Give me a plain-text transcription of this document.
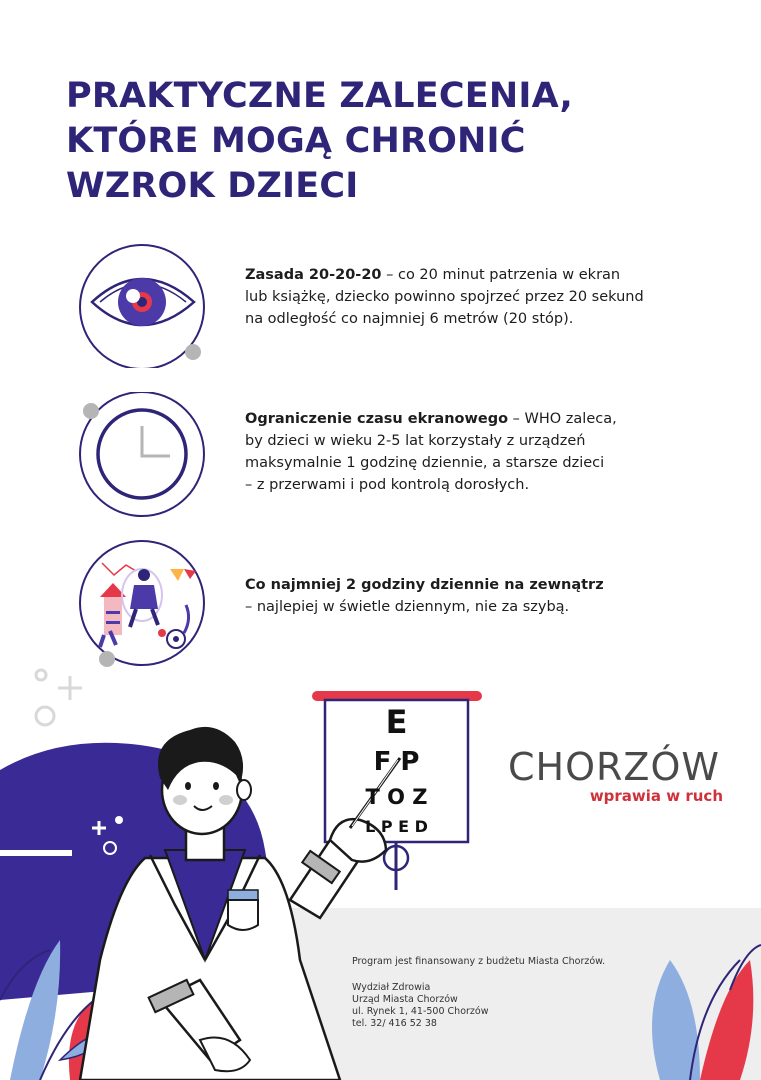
PRAKTYCZNE ZALECENIA,
KTÓRE MOGĄ CHRONIĆ
WZROK DZIECI
Zasada 20-20-20 – co 20 minut patrzenia w ekran
lub książkę, dziecko powinno spojrzeć przez 20 sekund
na odległość co najmniej 6 metrów (20 stóp).
Ograniczenie czasu ekranowego – WHO zaleca,
by dzieci w wieku 2-5 lat korzystały z urządzeń
maksymalnie 1 godzinę dziennie, a starsze dzieci
– z przerwami i pod kontrolą dorosłych.
Co najmniej 2 godziny dziennie na zewnątrz
– najlepiej w świetle dziennym, nie za szybą.
E
F P
T O Z
L P E D
CHORZÓW
wprawia w ruch
Program jest finansowany z budżetu Miasta Chorzów.
Wydział Zdrowia
Urząd Miasta Chorzów
ul. Rynek 1, 41-500 Chorzów
tel. 32/ 416 52 38
